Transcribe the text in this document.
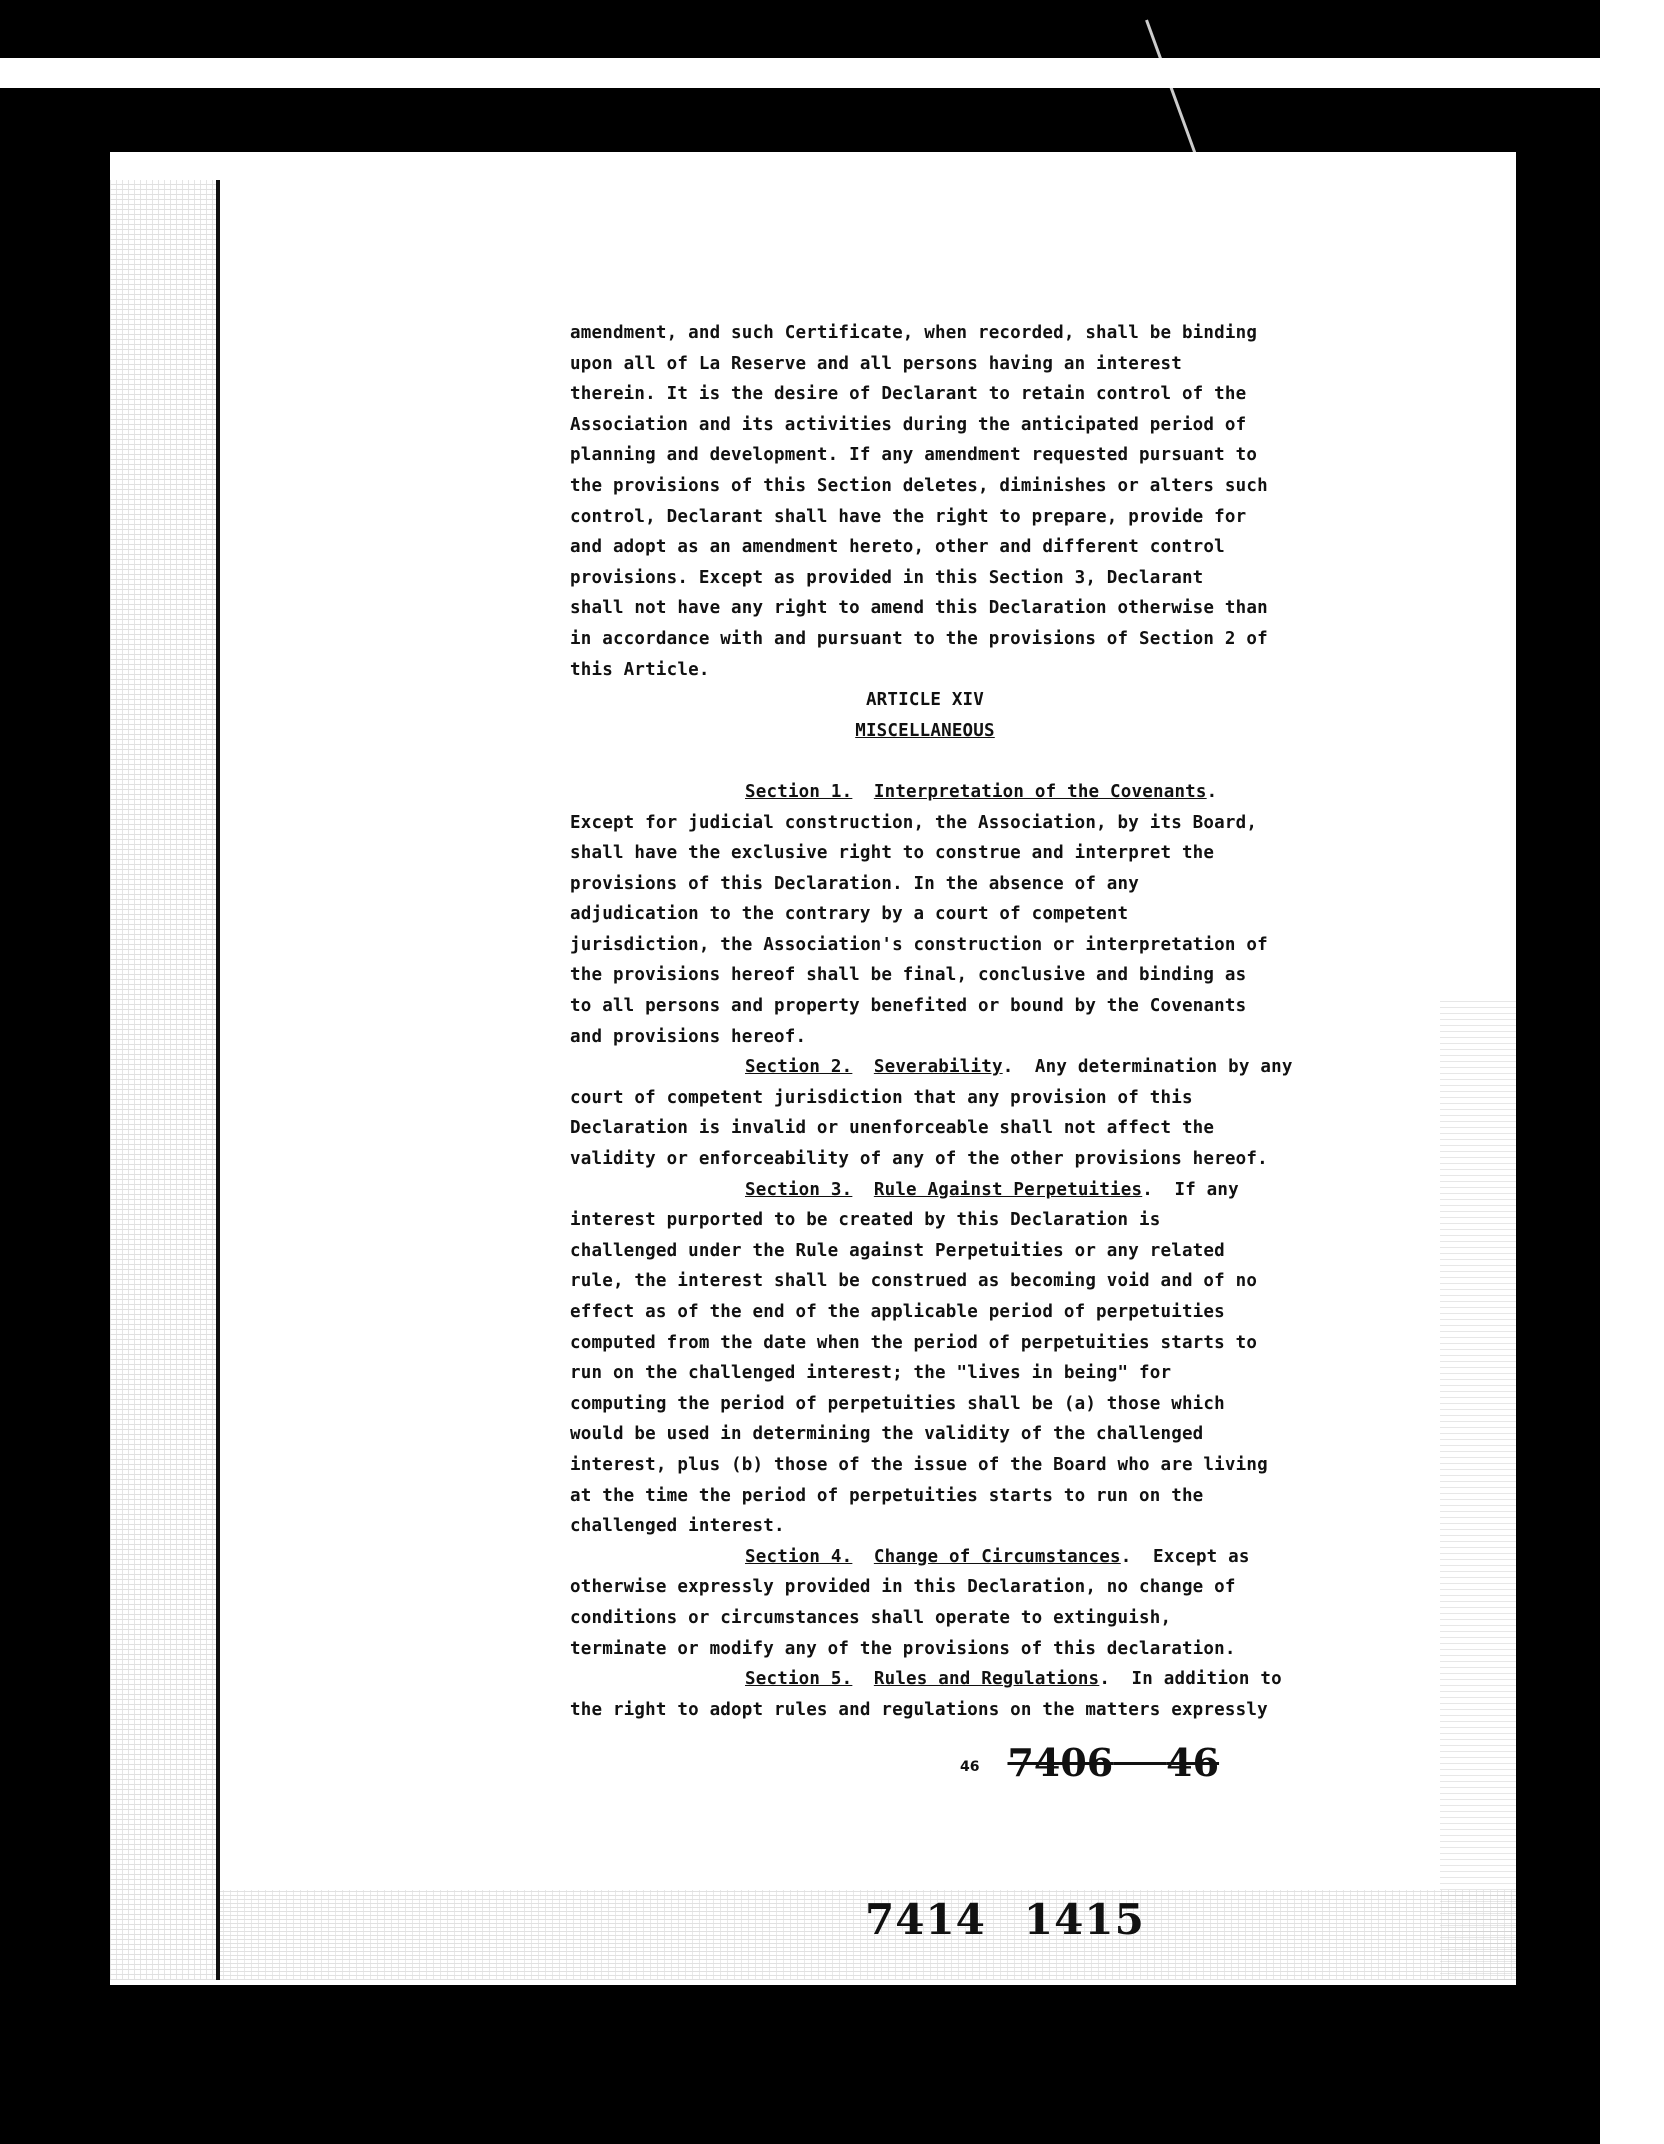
amendment, and such Certificate, when recorded, shall be binding
upon all of La Reserve and all persons having an interest
therein. It is the desire of Declarant to retain control of the
Association and its activities during the anticipated period of
planning and development. If any amendment requested pursuant to
the provisions of this Section deletes, diminishes or alters such
control, Declarant shall have the right to prepare, provide for
and adopt as an amendment hereto, other and different control
provisions. Except as provided in this Section 3, Declarant
shall not have any right to amend this Declaration otherwise than
in accordance with and pursuant to the provisions of Section 2 of
this Article.
ARTICLE XIV
MISCELLANEOUS

Section 1. Interpretation of the Covenants.
Except for judicial construction, the Association, by its Board,
shall have the exclusive right to construe and interpret the
provisions of this Declaration. In the absence of any
adjudication to the contrary by a court of competent
jurisdiction, the Association's construction or interpretation of
the provisions hereof shall be final, conclusive and binding as
to all persons and property benefited or bound by the Covenants
and provisions hereof.
Section 2. Severability.  Any determination by any
court of competent jurisdiction that any provision of this
Declaration is invalid or unenforceable shall not affect the
validity or enforceability of any of the other provisions hereof.
Section 3. Rule Against Perpetuities.  If any
interest purported to be created by this Declaration is
challenged under the Rule against Perpetuities or any related
rule, the interest shall be construed as becoming void and of no
effect as of the end of the applicable period of perpetuities
computed from the date when the period of perpetuities starts to
run on the challenged interest; the "lives in being" for
computing the period of perpetuities shall be (a) those which
would be used in determining the validity of the challenged
interest, plus (b) those of the issue of the Board who are living
at the time the period of perpetuities starts to run on the
challenged interest.
Section 4. Change of Circumstances.  Except as
otherwise expressly provided in this Declaration, no change of
conditions or circumstances shall operate to extinguish,
terminate or modify any of the provisions of this declaration.
Section 5. Rules and Regulations.  In addition to
the right to adopt rules and regulations on the matters expressly
46 7406 46
7414 1415
